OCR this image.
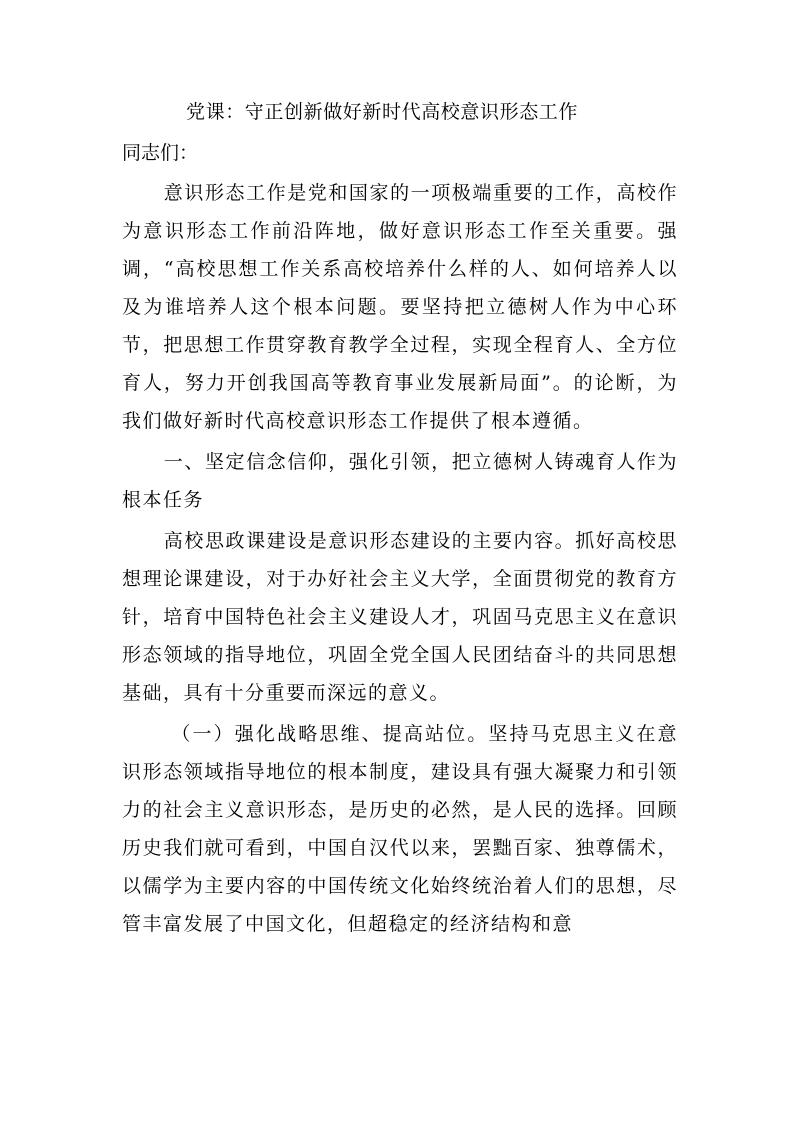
党课：守正创新做好新时代高校意识形态工作

同志们：

意识形态工作是党和国家的一项极端重要的工作，高校作为意识形态工作前沿阵地，做好意识形态工作至关重要。强调，“高校思想工作关系高校培养什么样的人、如何培养人以及为谁培养人这个根本问题。要坚持把立德树人作为中心环节，把思想工作贯穿教育教学全过程，实现全程育人、全方位育人，努力开创我国高等教育事业发展新局面”。的论断，为我们做好新时代高校意识形态工作提供了根本遵循。

一、坚定信念信仰，强化引领，把立德树人铸魂育人作为根本任务

高校思政课建设是意识形态建设的主要内容。抓好高校思想理论课建设，对于办好社会主义大学，全面贯彻党的教育方针，培育中国特色社会主义建设人才，巩固马克思主义在意识形态领域的指导地位，巩固全党全国人民团结奋斗的共同思想基础，具有十分重要而深远的意义。

（一）强化战略思维、提高站位。坚持马克思主义在意识形态领域指导地位的根本制度，建设具有强大凝聚力和引领力的社会主义意识形态，是历史的必然，是人民的选择。回顾历史我们就可看到，中国自汉代以来，罢黜百家、独尊儒术，以儒学为主要内容的中国传统文化始终统治着人们的思想，尽管丰富发展了中国文化，但超稳定的经济结构和意
